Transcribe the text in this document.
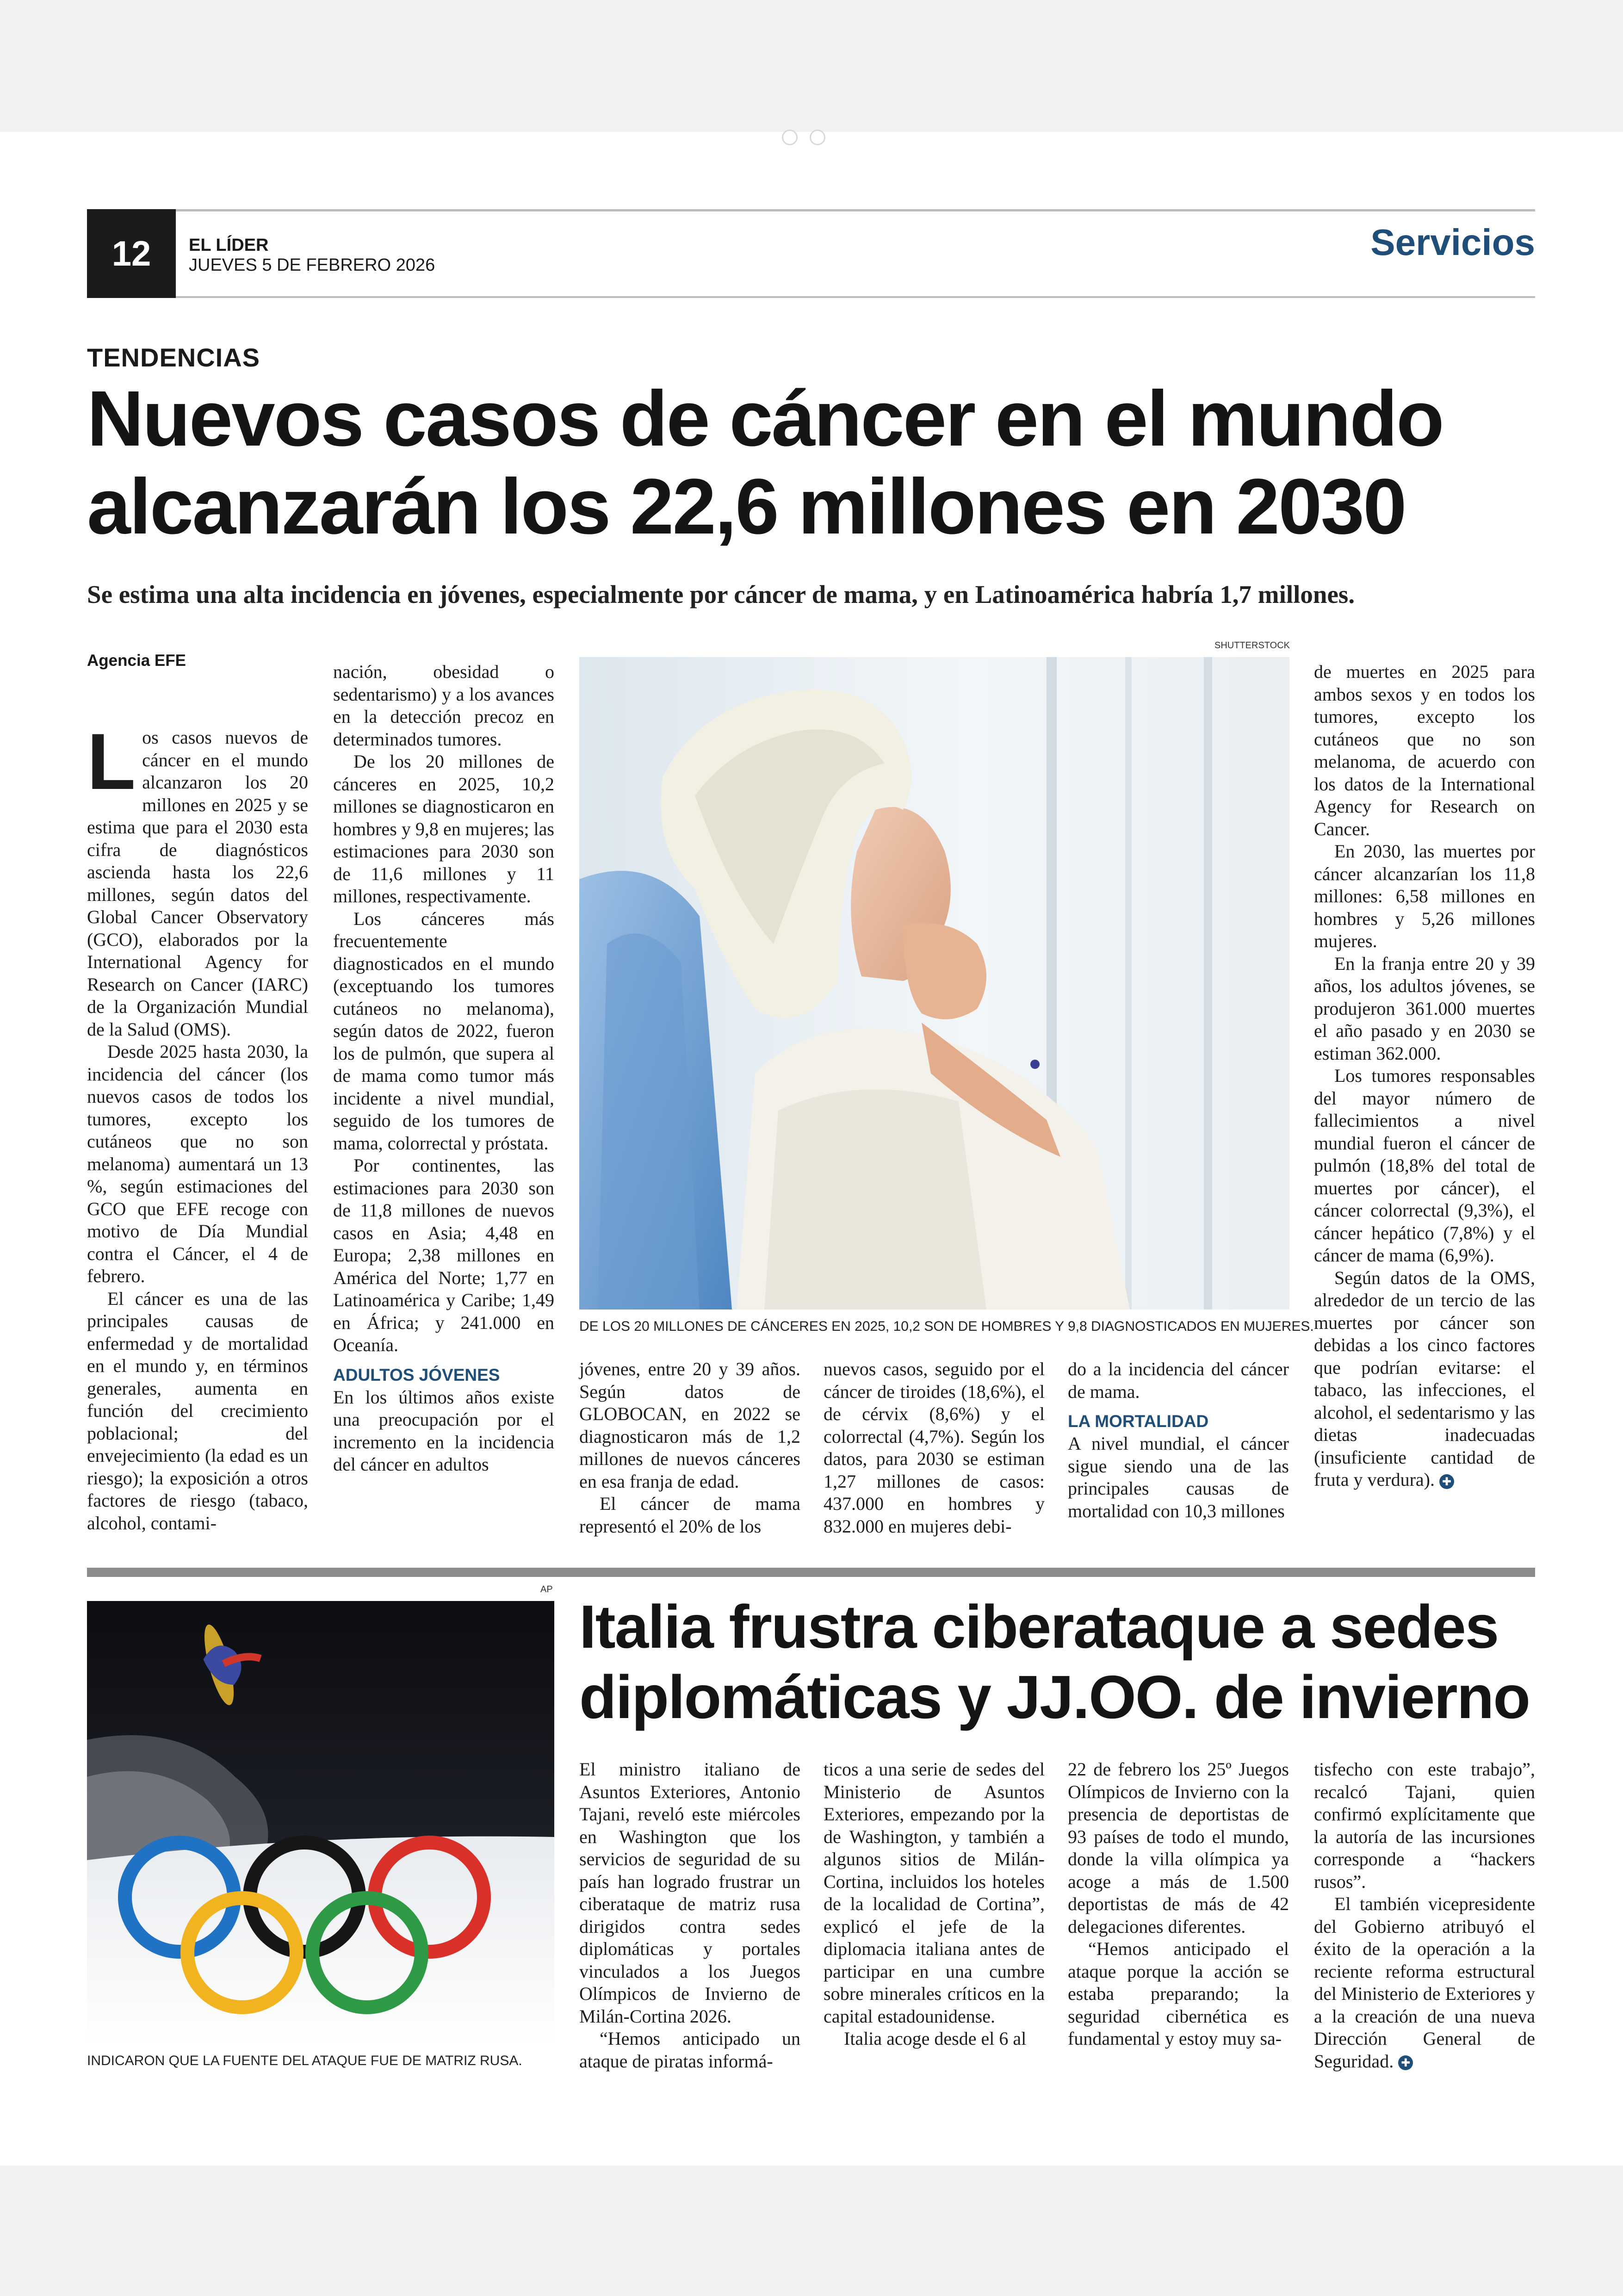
12	EL LÍDER
JUEVES 5 DE FEBRERO 2026
Servicios
TENDENCIAS
Nuevos casos de cáncer en el mundo
alcanzarán los 22,6 millones en 2030
Se estima una alta incidencia en jóvenes, especialmente por cáncer de mama, y en Latinoamérica habría 1,7 millones.
Agencia EFE

Los casos nuevos de cáncer en el mundo alcanzaron los 20 millones en 2025 y se estima que para el 2030 esta cifra de diagnósticos ascienda hasta los 22,6 millones, según datos del Global Cancer Observatory (GCO), elaborados por la International Agency for Research on Cancer (IARC) de la Organización Mundial de la Salud (OMS).

Desde 2025 hasta 2030, la incidencia del cáncer (los nuevos casos de todos los tumores, excepto los cutáneos que no son melanoma) aumentará un 13 %, según estimaciones del GCO que EFE recoge con motivo de Día Mundial contra el Cáncer, el 4 de febrero.

El cáncer es una de las principales causas de enfermedad y de mortalidad en el mundo y, en términos generales, aumenta en función del crecimiento poblacional; del envejecimiento (la edad es un riesgo); la exposición a otros factores de riesgo (tabaco, alcohol, contami-

nación, obesidad o sedentarismo) y a los avances en la detección precoz en determinados tumores.

De los 20 millones de cánceres en 2025, 10,2 millones se diagnosticaron en hombres y 9,8 en mujeres; las estimaciones para 2030 son de 11,6 millones y 11 millones, respectivamente.

Los cánceres más frecuentemente diagnosticados en el mundo (exceptuando los tumores cutáneos no melanoma), según datos de 2022, fueron los de pulmón, que supera al de mama como tumor más incidente a nivel mundial, seguido de los tumores de mama, colorrectal y próstata.

Por continentes, las estimaciones para 2030 son de 11,8 millones de nuevos casos en Asia; 4,48 en Europa; 2,38 millones en América del Norte; 1,77 en Latinoamérica y Caribe; 1,49 en África; y 241.000 en Oceanía.

ADULTOS JÓVENES

En los últimos años existe una preocupación por el incremento en la incidencia del cáncer en adultos

SHUTTERSTOCK
DE LOS 20 MILLONES DE CÁNCERES EN 2025, 10,2 SON DE HOMBRES Y 9,8 DIAGNOSTICADOS EN MUJERES.

jóvenes, entre 20 y 39 años. Según datos de GLOBOCAN, en 2022 se diagnosticaron más de 1,2 millones de nuevos cánceres en esa franja de edad.

El cáncer de mama representó el 20% de los

nuevos casos, seguido por el cáncer de tiroides (18,6%), el de cérvix (8,6%) y el colorrectal (4,7%). Según los datos, para 2030 se estiman 1,27 millones de casos: 437.000 en hombres y 832.000 en mujeres debi-

do a la incidencia del cáncer de mama.

LA MORTALIDAD

A nivel mundial, el cáncer sigue siendo una de las principales causas de mortalidad con 10,3 millones

de muertes en 2025 para ambos sexos y en todos los tumores, excepto los cutáneos que no son melanoma, de acuerdo con los datos de la International Agency for Research on Cancer.

En 2030, las muertes por cáncer alcanzarían los 11,8 millones: 6,58 millones en hombres y 5,26 millones mujeres.

En la franja entre 20 y 39 años, los adultos jóvenes, se produjeron 361.000 muertes el año pasado y en 2030 se estiman 362.000.

Los tumores responsables del mayor número de fallecimientos a nivel mundial fueron el cáncer de pulmón (18,8% del total de muertes por cáncer), el cáncer colorrectal (9,3%), el cáncer hepático (7,8%) y el cáncer de mama (6,9%).

Según datos de la OMS, alrededor de un tercio de las muertes por cáncer son debidas a los cinco factores que podrían evitarse: el tabaco, las infecciones, el alcohol, el sedentarismo y las dietas inadecuadas (insuficiente cantidad de fruta y verdura). ✚

AP
INDICARON QUE LA FUENTE DEL ATAQUE FUE DE MATRIZ RUSA.
Italia frustra ciberataque a sedes
diplomáticas y JJ.OO. de invierno

El ministro italiano de Asuntos Exteriores, Antonio Tajani, reveló este miércoles en Washington que los servicios de seguridad de su país han logrado frustrar un ciberataque de matriz rusa dirigidos contra sedes diplomáticas y portales vinculados a los Juegos Olímpicos de Invierno de Milán-Cortina 2026.

“Hemos anticipado un ataque de piratas informá-

ticos a una serie de sedes del Ministerio de Asuntos Exteriores, empezando por la de Washington, y también a algunos sitios de Milán-Cortina, incluidos los hoteles de la localidad de Cortina”, explicó el jefe de la diplomacia italiana antes de participar en una cumbre sobre minerales críticos en la capital estadounidense.

Italia acoge desde el 6 al

22 de febrero los 25º Juegos Olímpicos de Invierno con la presencia de deportistas de 93 países de todo el mundo, donde la villa olímpica ya acoge a más de 1.500 deportistas de más de 42 delegaciones diferentes.

“Hemos anticipado el ataque porque la acción se estaba preparando; la seguridad cibernética es fundamental y estoy muy sa-

tisfecho con este trabajo”, recalcó Tajani, quien confirmó explícitamente que la autoría de las incursiones corresponde a “hackers rusos”.

El también vicepresidente del Gobierno atribuyó el éxito de la operación a la reciente reforma estructural del Ministerio de Exteriores y a la creación de una nueva Dirección General de Seguridad. ✚
